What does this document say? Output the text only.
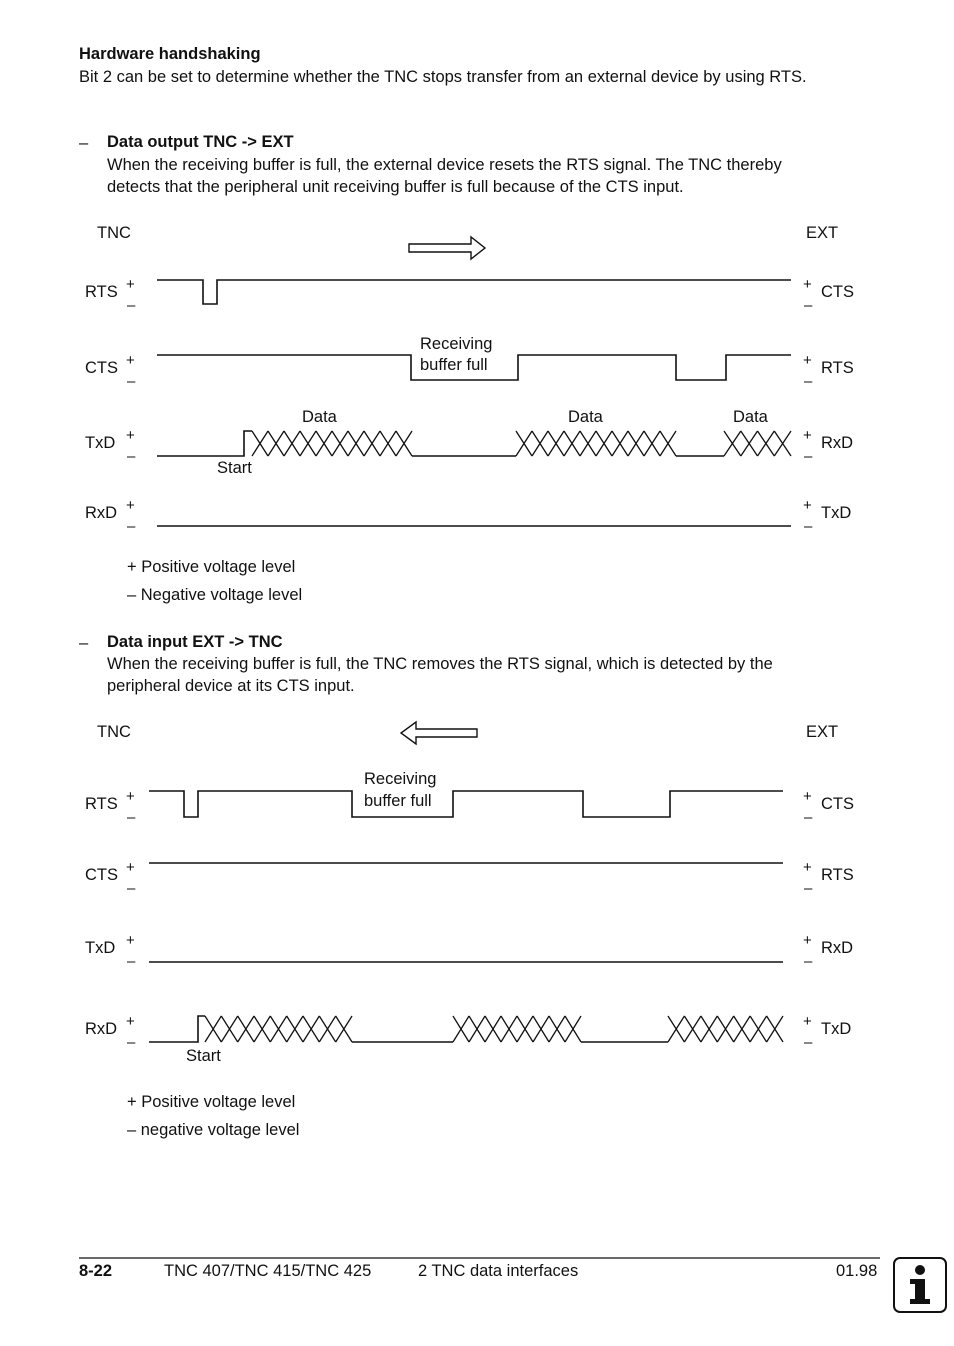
Hardware handshaking
Bit 2 can be set to determine whether the TNC stops transfer from an external device by using RTS.
– Data output TNC -> EXT
When the receiving buffer is full, the external device resets the RTS signal. The TNC thereby
detects that the peripheral unit receiving buffer is full because of the CTS input.
– Data input EXT -> TNC
When the receiving buffer is full, the TNC removes the RTS signal, which is detected by the
peripheral device at its CTS input.
TNC	EXT
RTS	CTS
CTS	RTS
TxD	RxD
RxD	TxD
+
–
+
–
+
–
+
–
+
–
+
–
+
–
+
–
Receiving
buffer full
Data	Data	Data
Start
+ Positive voltage level
– Negative voltage level
TNC	EXT
RTS	CTS
CTS	RTS
TxD	RxD
RxD	TxD
+
–
+
–
+
–
+
–
+
–
+
–
+
–
+
–
Receiving
buffer full
Start
+ Positive voltage level
– negative voltage level
8-22	TNC 407/TNC 415/TNC 425	2 TNC data interfaces	01.98
